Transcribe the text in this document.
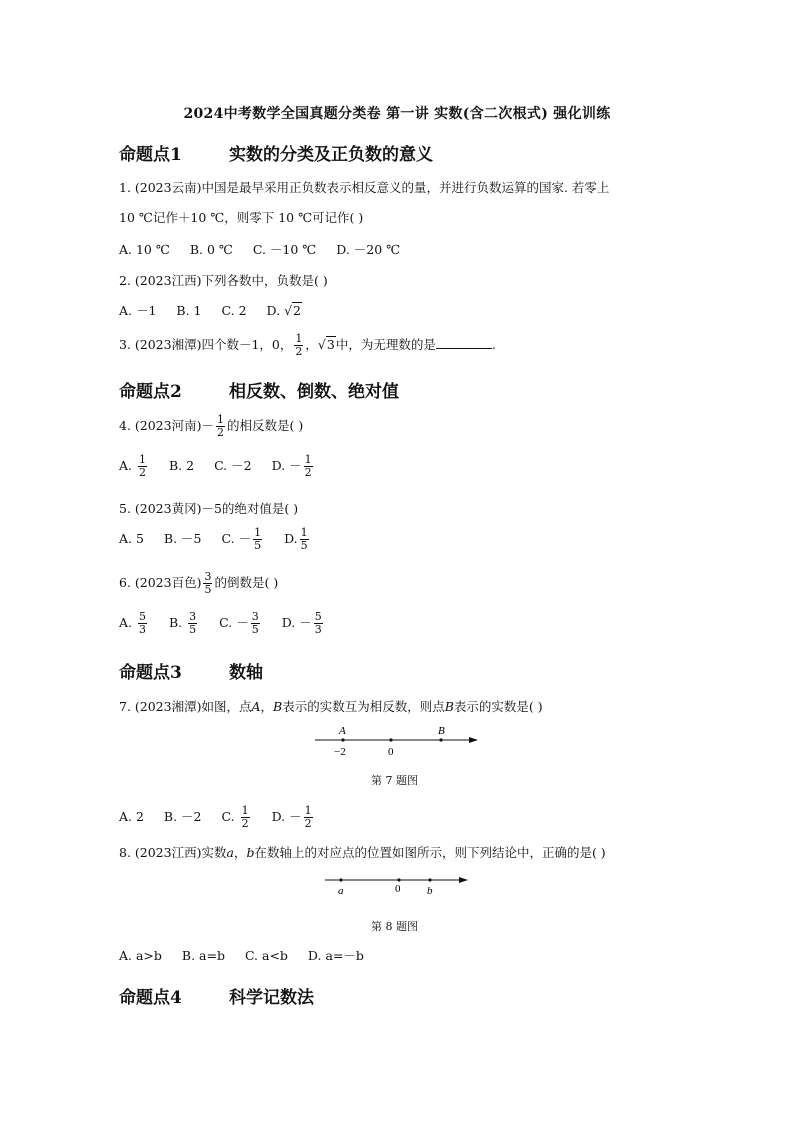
2024中考数学全国真题分类卷 第一讲 实数(含二次根式) 强化训练
命题点1	实数的分类及正负数的意义
1. (2023云南)中国是最早采用正负数表示相反意义的量，并进行负数运算的国家. 若零上
10 ℃记作＋10 ℃，则零下 10 ℃可记作( )
A. 10 ℃ B. 0 ℃ C. －10 ℃ D. －20 ℃
2. (2023江西)下列各数中，负数是( )
A. －1 B. 1 C. 2 D. √2
3. (2023湘潭)四个数－1，0， $\frac{1}{2}$ ，√3中，为无理数的是	.
命题点2	相反数、倒数、绝对值
4. (2023河南)－ $\frac{1}{2}$ 的相反数是( )
A. $\frac{1}{2} B$. 2 C. －2 D. － $\frac{1}{2}$
5. (2023黄冈)－5的绝对值是( )
A. 5 B. －5 C. － $\frac{1}{5} D$. $\frac{1}{5}$
6. (2023百色) $\frac{3}{5}$ 的倒数是( )
A. $\frac{5}{3} B$. $\frac{3}{5} C$. － $\frac{3}{5} D$. － $\frac{5}{3}$
命题点3	数轴
7. (2023湘潭)如图，点A，B表示的实数互为相反数，则点B表示的实数是( )
A	B
−2	0
第 7 题图
A. 2 B. －2 C. $\frac{1}{2} D$. － $\frac{1}{2}$
8. (2023江西)实数a，b在数轴上的对应点的位置如图所示，则下列结论中，正确的是( )
a	0 b
第 8 题图
A. a>b B. a=b C. a<b D. a=－b
命题点4	科学记数法
